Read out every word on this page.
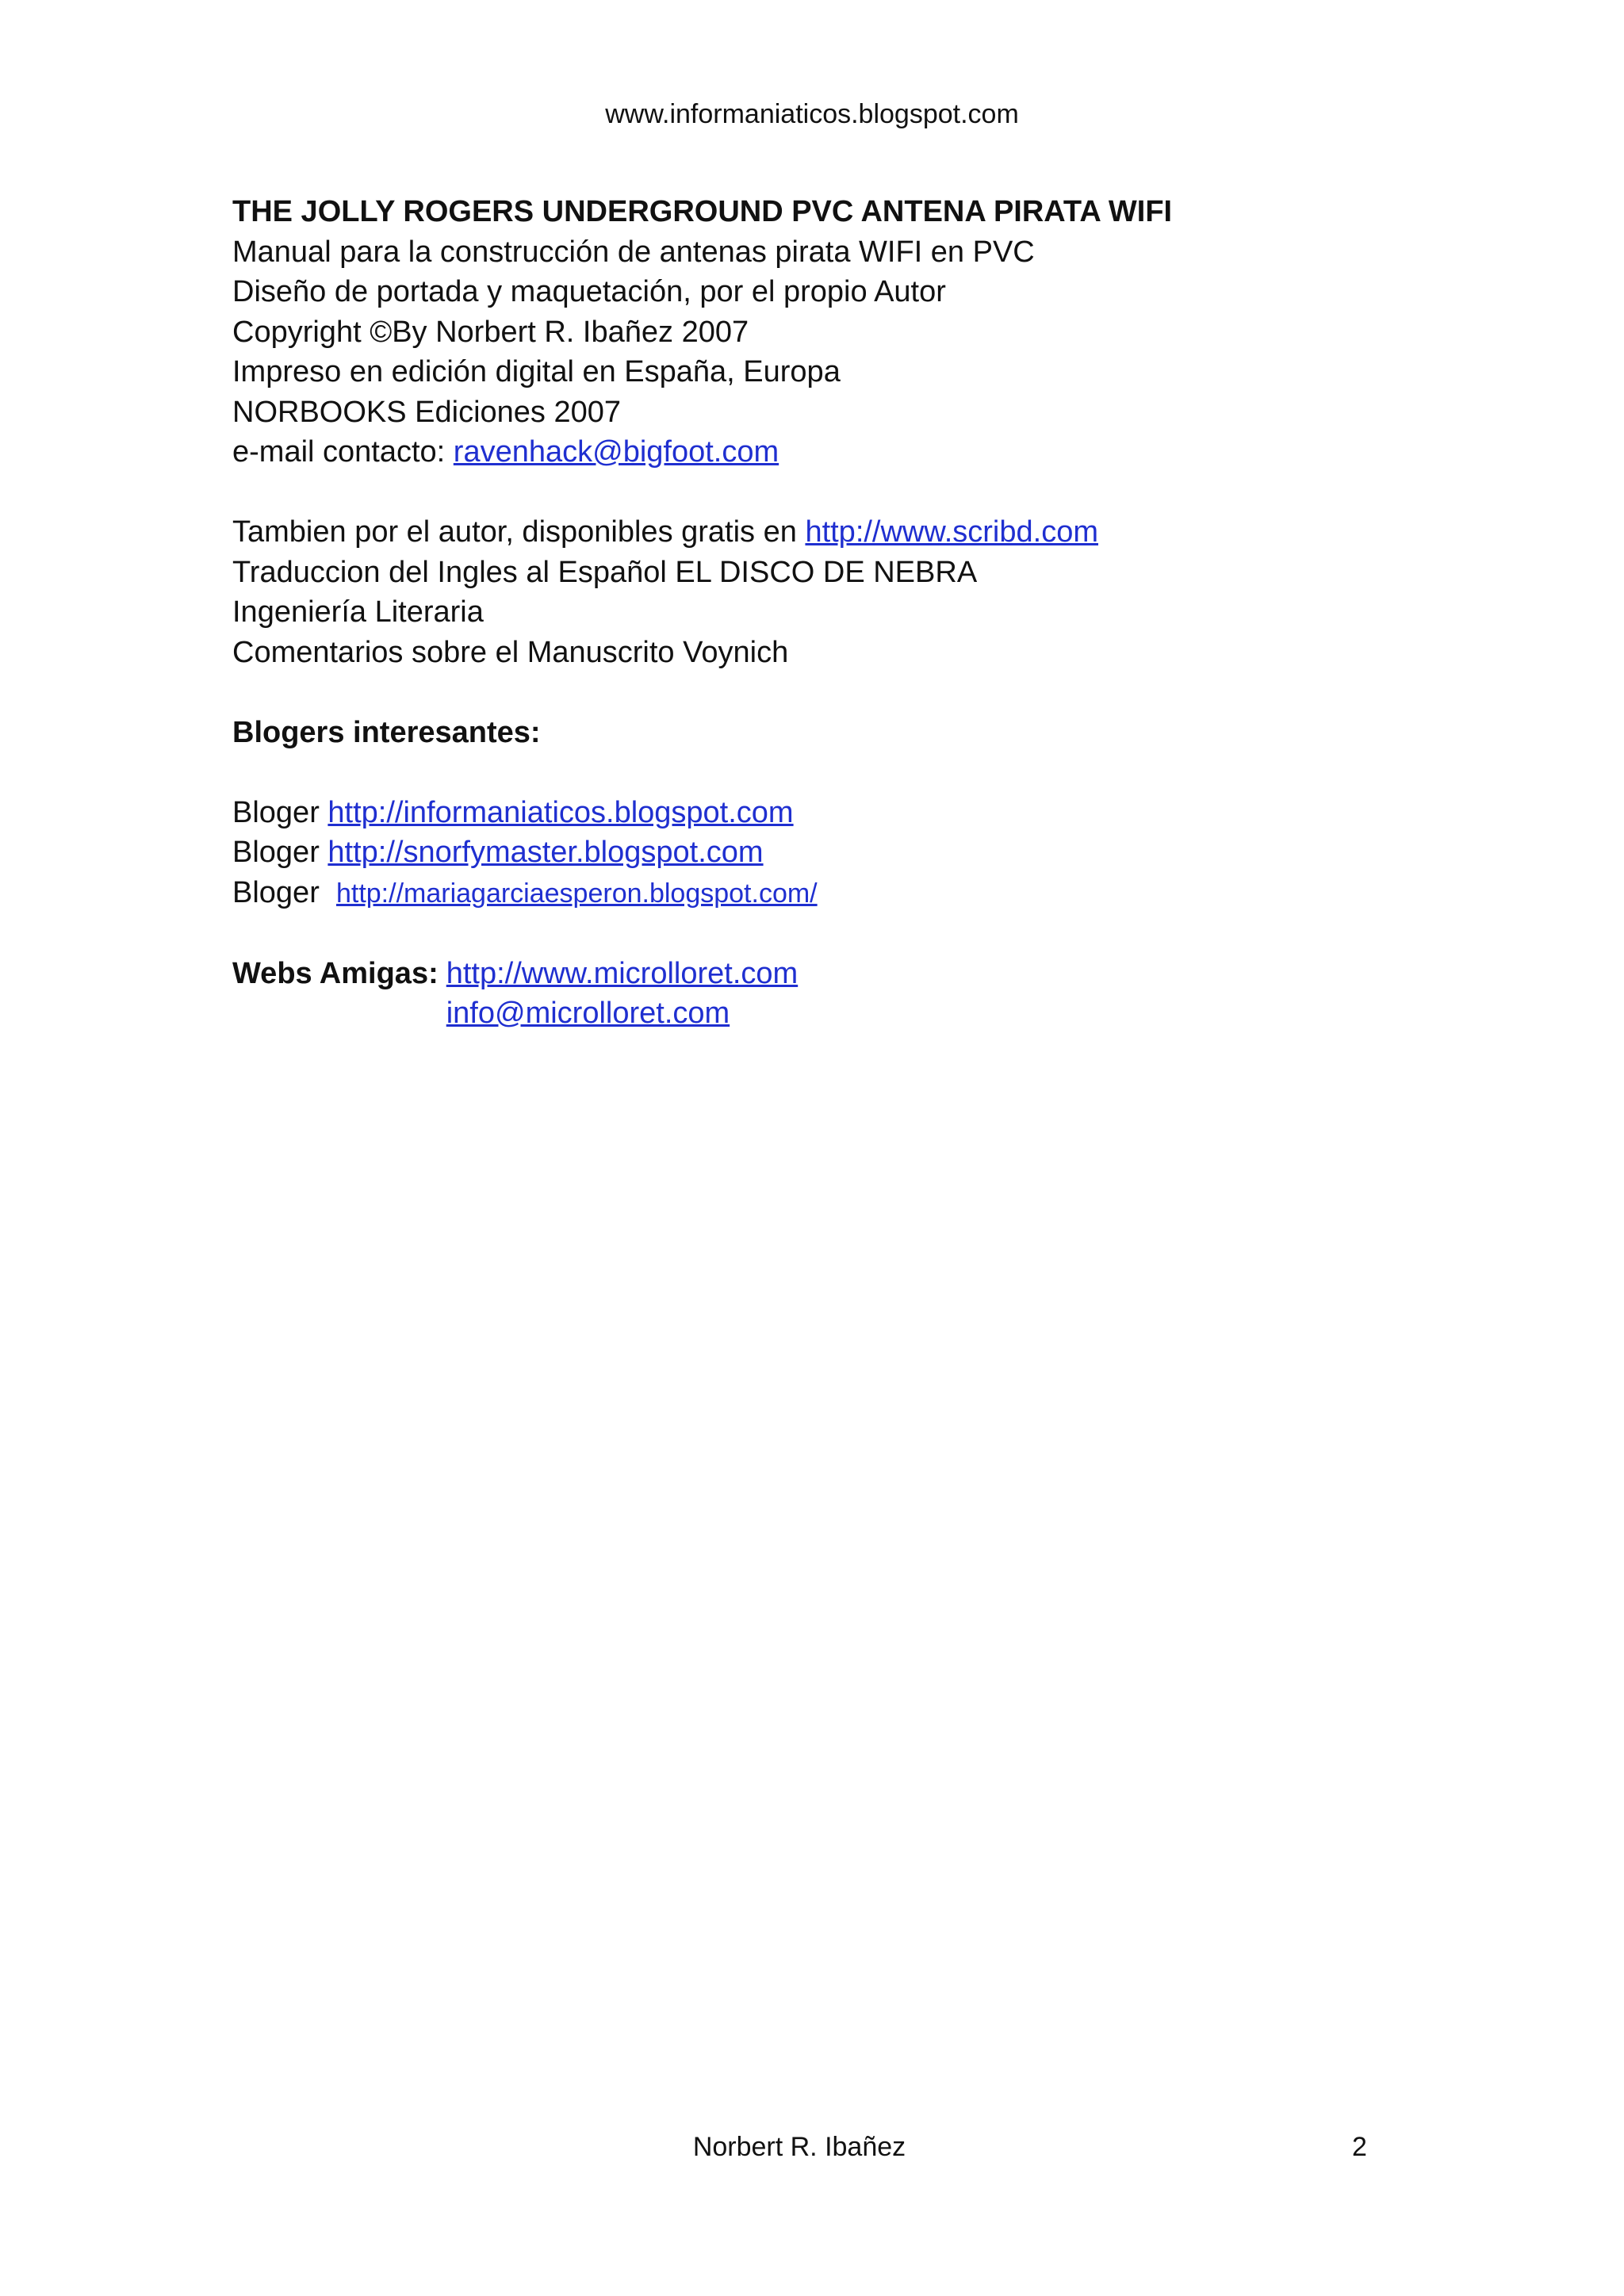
www.informaniaticos.blogspot.com
THE JOLLY ROGERS UNDERGROUND PVC ANTENA PIRATA WIFI
Manual para la construcción de antenas pirata WIFI en PVC
Diseño de portada y maquetación, por el propio Autor
Copyright ©By Norbert R. Ibañez 2007
Impreso en edición digital en España, Europa
NORBOOKS Ediciones 2007
e-mail contacto: ravenhack@bigfoot.com
Tambien por el autor, disponibles gratis en http://www.scribd.com
Traduccion del Ingles al Español EL DISCO DE NEBRA
Ingeniería Literaria
Comentarios sobre el Manuscrito Voynich
Blogers interesantes:
Bloger http://informaniaticos.blogspot.com
Bloger http://snorfymaster.blogspot.com
Bloger  http://mariagarciaesperon.blogspot.com/
Webs Amigas: http://www.microlloret.com
info@microlloret.com
Norbert R. Ibañez	2
